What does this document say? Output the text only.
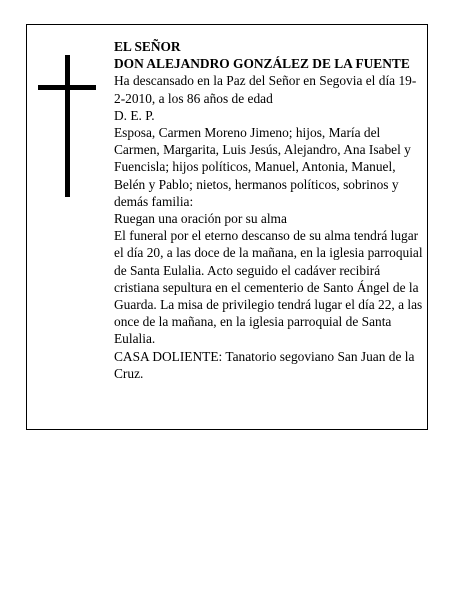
EL SEÑOR

DON ALEJANDRO GONZÁLEZ DE LA FUENTE

Ha descansado en la Paz del Señor en Segovia el día 19-2-2010, a los 86 años de edad

D. E. P.

Esposa, Carmen Moreno Jimeno; hijos, María del Carmen, Margarita, Luis Jesús, Alejandro, Ana Isabel y Fuencisla; hijos políticos, Manuel, Antonia, Manuel, Belén y Pablo; nietos, hermanos políticos, sobrinos y demás familia:

Ruegan una oración por su alma

El funeral por el eterno descanso de su alma tendrá lugar el día 20, a las doce de la mañana, en la iglesia parroquial de Santa Eulalia. Acto seguido el cadáver recibirá cristiana sepultura en el cementerio de Santo Ángel de la Guarda. La misa de privilegio tendrá lugar el día 22, a las once de la mañana, en la iglesia parroquial de Santa Eulalia.

CASA DOLIENTE: Tanatorio segoviano San Juan de la Cruz.
